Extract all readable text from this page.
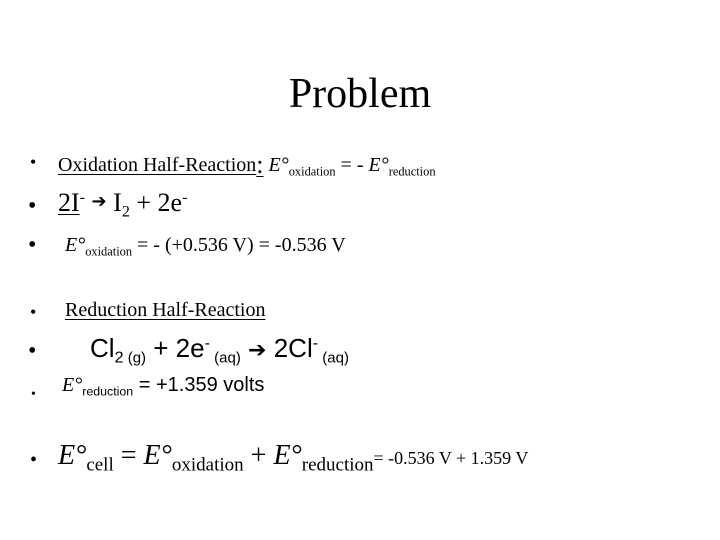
Problem
• Oxidation Half-Reaction: $E^\circ_{oxidation}$ = - $E^\circ_{reduction}$
• 2I- ➔ $I_2 + 2e^-$
• $E^\circ_{oxidation}$ = - (+0.536 V) = -0.536 V
• Reduction Half-Reaction
• $Cl_2$ $_{(g)}$ + 2e- $_{(aq)}$ ➔ 2Cl- $_{(aq)}$
• $E^\circ_{reduction} = +1.359$ volts
• $E^\circ_{cell} = E^\circ_{oxidation} + E^\circ_{reduction}= -0.536$ V + 1.359 V
